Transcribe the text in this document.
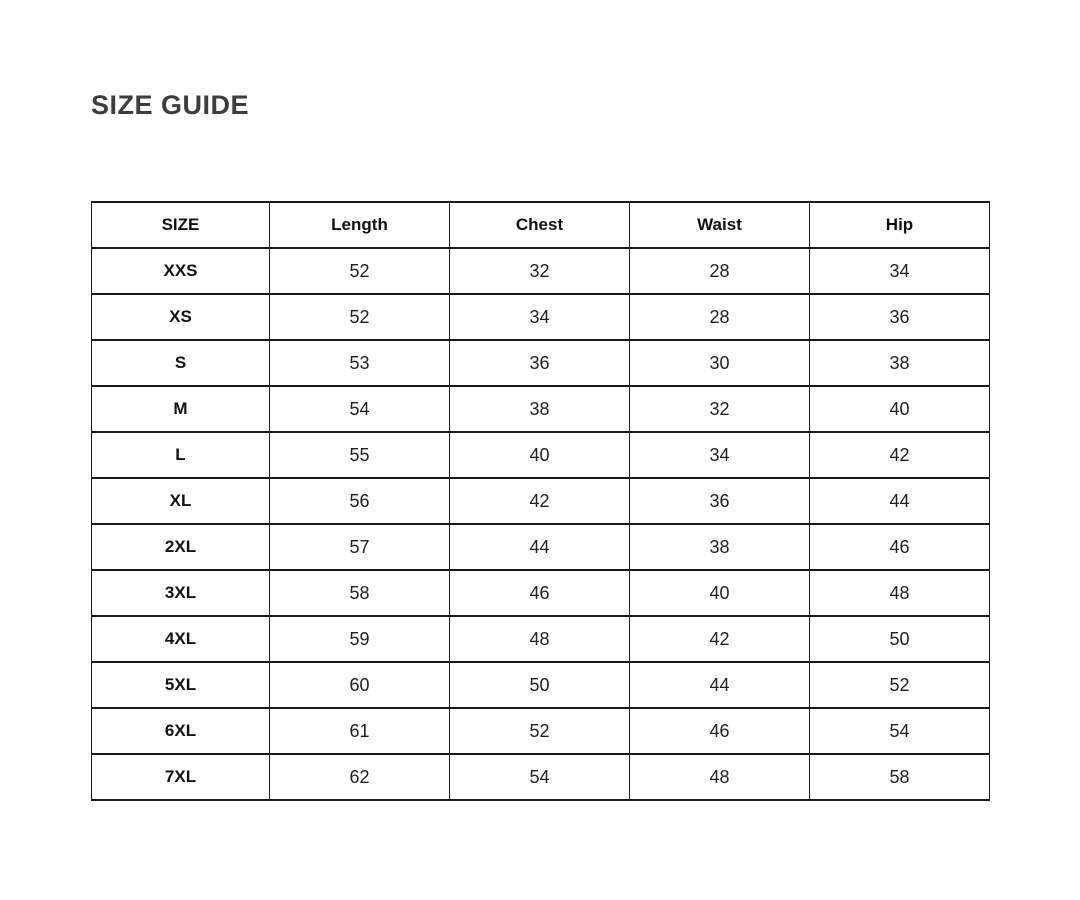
SIZE GUIDE
SIZE	Length	Chest	Waist	Hip
XXS	52	32	28	34
XS	52	34	28	36
S	53	36	30	38
M	54	38	32	40
L	55	40	34	42
XL	56	42	36	44
2XL	57	44	38	46
3XL	58	46	40	48
4XL	59	48	42	50
5XL	60	50	44	52
6XL	61	52	46	54
7XL	62	54	48	58
